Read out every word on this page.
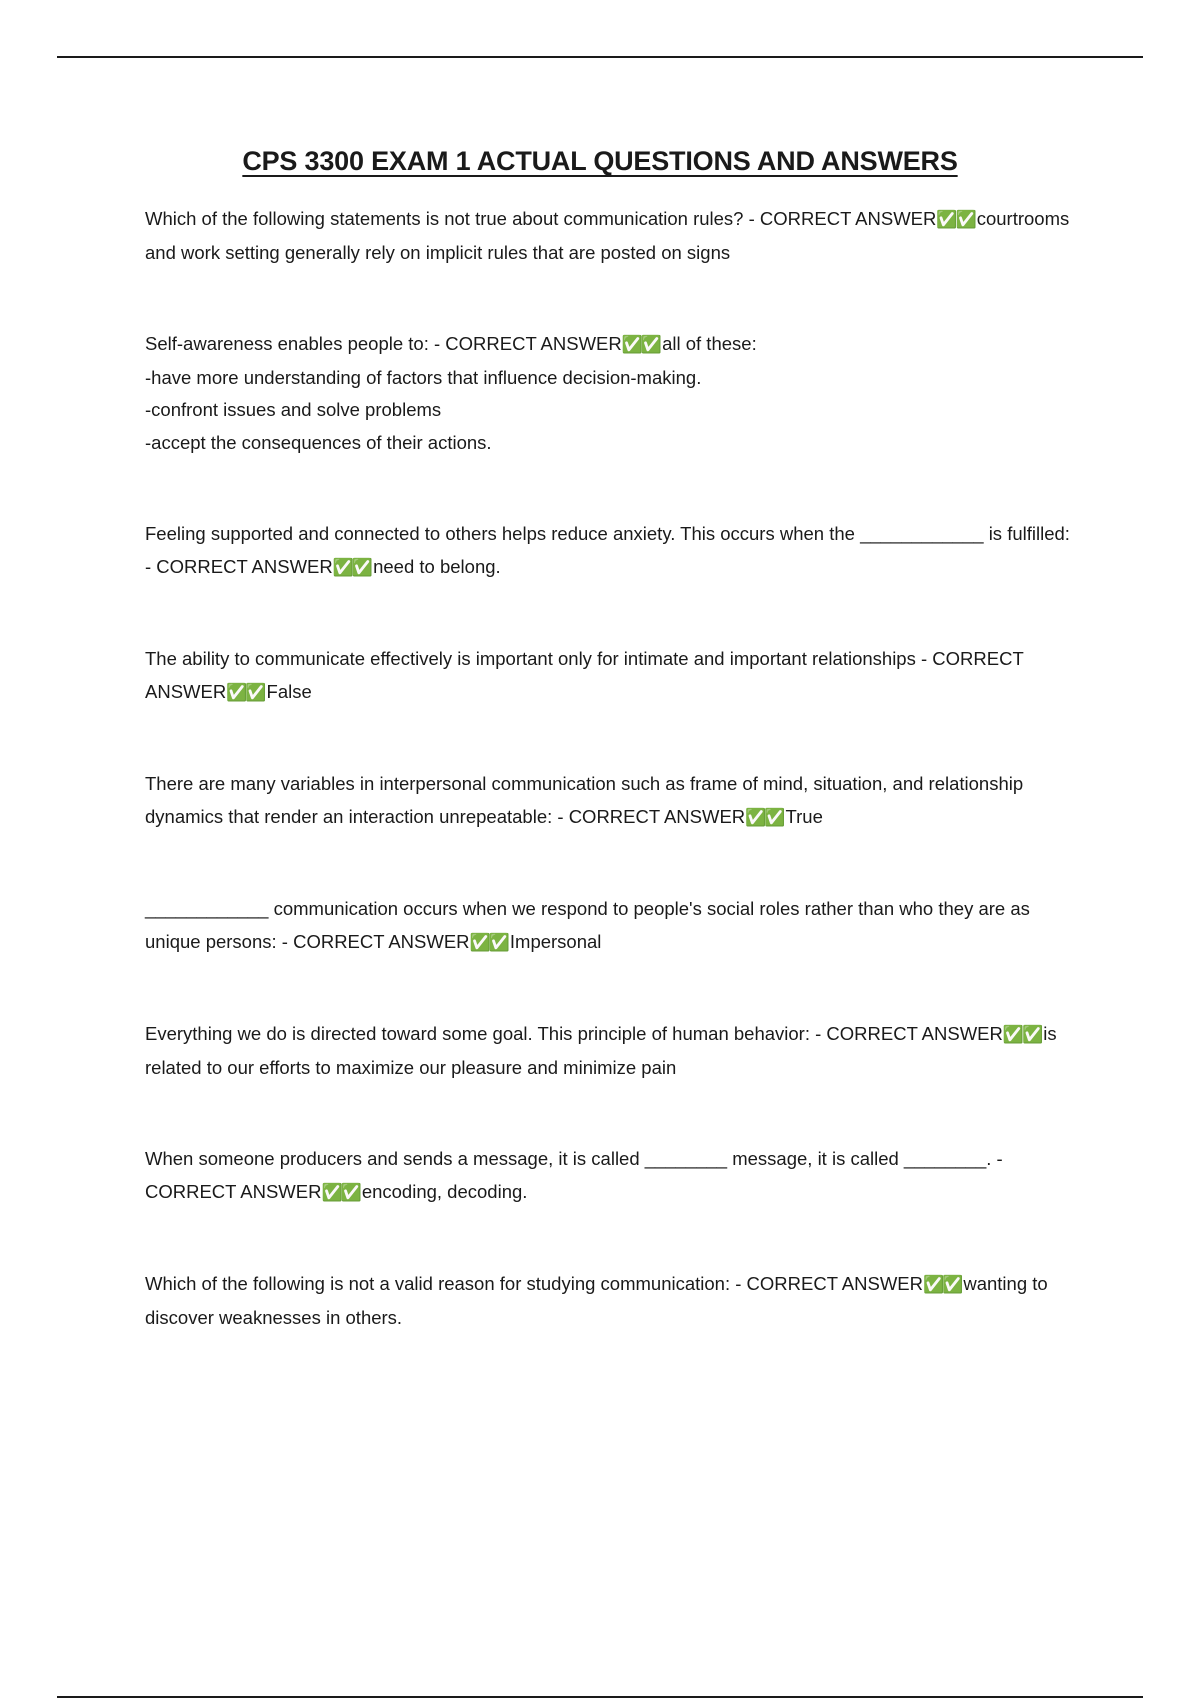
CPS 3300 EXAM 1 ACTUAL QUESTIONS AND ANSWERS

Which of the following statements is not true about communication rules? - CORRECT ANSWER✅✅ courtrooms and work setting generally rely on implicit rules that are posted on signs

Self-awareness enables people to: - CORRECT ANSWER✅✅ all of these:

-have more understanding of factors that influence decision-making.

-confront issues and solve problems

-accept the consequences of their actions.

Feeling supported and connected to others helps reduce anxiety. This occurs when the ____________ is fulfilled: - CORRECT ANSWER✅✅ need to belong.

The ability to communicate effectively is important only for intimate and important relationships - CORRECT ANSWER✅✅ False

There are many variables in interpersonal communication such as frame of mind, situation, and relationship dynamics that render an interaction unrepeatable: - CORRECT ANSWER✅✅ True

____________ communication occurs when we respond to people's social roles rather than who they are as unique persons: - CORRECT ANSWER✅✅ Impersonal

Everything we do is directed toward some goal. This principle of human behavior: - CORRECT ANSWER✅✅ is related to our efforts to maximize our pleasure and minimize pain

When someone producers and sends a message, it is called ________ message, it is called ________. - CORRECT ANSWER✅✅ encoding, decoding.

Which of the following is not a valid reason for studying communication: - CORRECT ANSWER✅✅ wanting to discover weaknesses in others.
